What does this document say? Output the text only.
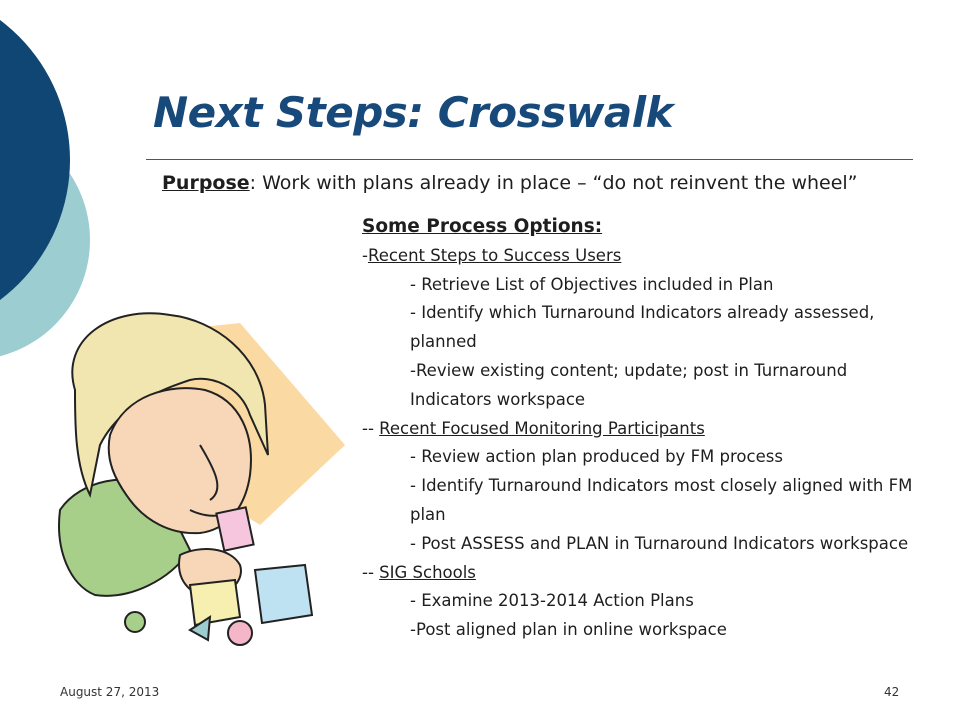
Next Steps: Crosswalk
Purpose: Work with plans already in place – “do not reinvent the wheel”
Some Process Options:
-Recent Steps to Success Users
- Retrieve List of Objectives included in Plan
- Identify which Turnaround Indicators already assessed, planned
-Review existing content; update; post in Turnaround Indicators workspace
-- Recent Focused Monitoring Participants
- Review action plan produced by FM process
- Identify Turnaround Indicators most closely aligned with FM plan
- Post ASSESS and PLAN in Turnaround Indicators workspace
-- SIG Schools
- Examine 2013-2014 Action Plans
-Post aligned plan in online workspace
August 27, 2013	42
